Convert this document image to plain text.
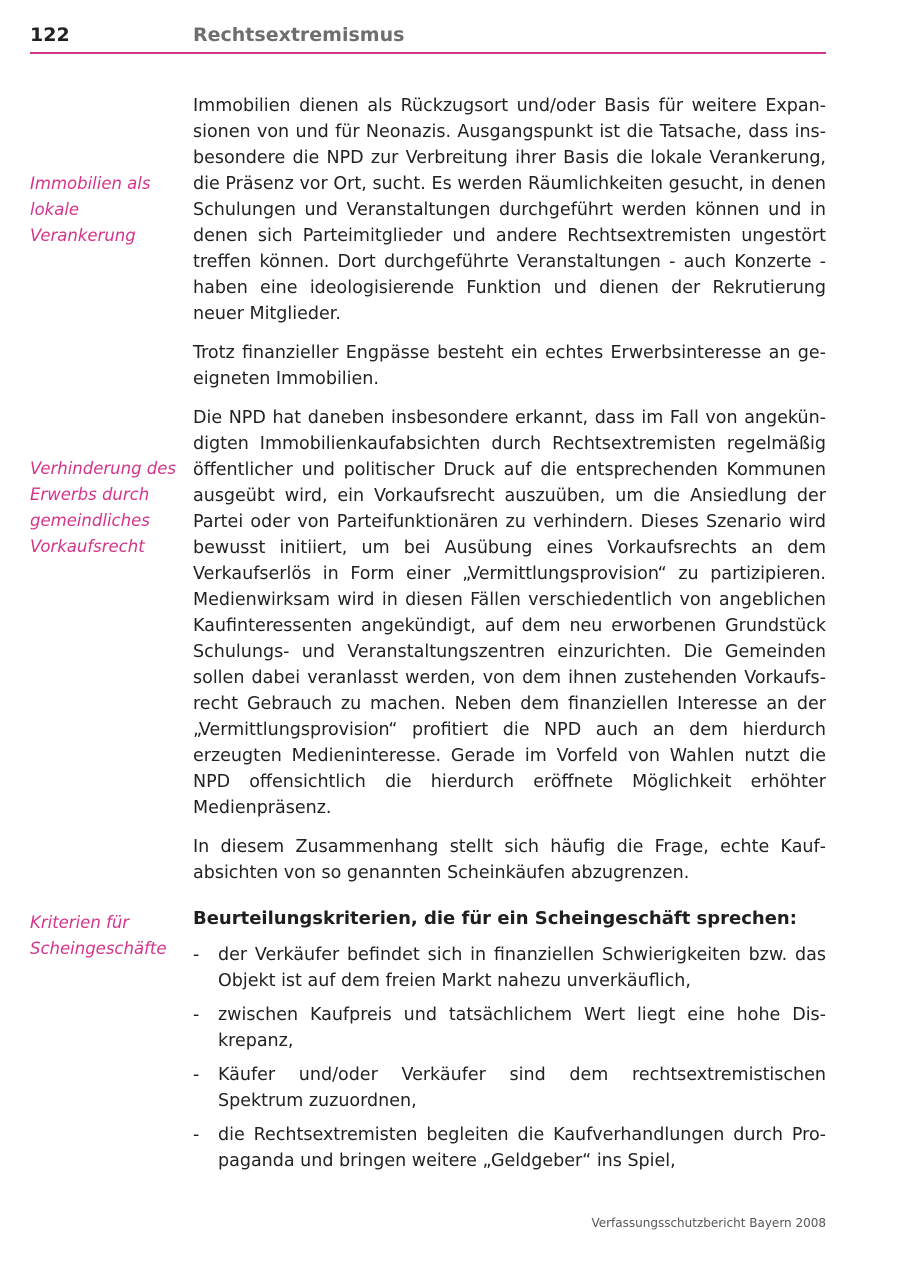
122	Rechtsextremismus
Immobilien als lokale Verankerung
Verhinderung des Erwerbs durch gemeindliches Vorkaufsrecht
Kriterien für Scheingeschäfte

Immobilien dienen als Rückzugsort und/oder Basis für weitere Expansionen von und für Neonazis. Ausgangspunkt ist die Tatsache, dass insbesondere die NPD zur Verbreitung ihrer Basis die lokale Verankerung, die Präsenz vor Ort, sucht. Es werden Räumlichkeiten gesucht, in denen Schulungen und Veranstaltungen durchgeführt werden können und in denen sich Parteimitglieder und andere Rechtsextremisten ungestört treffen können. Dort durchgeführte Veranstaltungen - auch Konzerte - haben eine ideologisierende Funktion und dienen der Rekrutierung neuer Mitglieder.

Trotz finanzieller Engpässe besteht ein echtes Erwerbsinteresse an geeigneten Immobilien.

Die NPD hat daneben insbesondere erkannt, dass im Fall von angekündigten Immobilienkaufabsichten durch Rechtsextremisten regelmäßig öffentlicher und politischer Druck auf die entsprechenden Kommunen ausgeübt wird, ein Vorkaufsrecht auszuüben, um die Ansiedlung der Partei oder von Parteifunktionären zu verhindern. Dieses Szenario wird bewusst initiiert, um bei Ausübung eines Vorkaufsrechts an dem Verkaufserlös in Form einer „Vermittlungsprovision“ zu partizipieren. Medienwirksam wird in diesen Fällen verschiedentlich von angeblichen Kaufinteressenten angekündigt, auf dem neu erworbenen Grundstück Schulungs- und Veranstaltungszentren einzurichten. Die Gemeinden sollen dabei veranlasst werden, von dem ihnen zustehenden Vorkaufsrecht Gebrauch zu machen. Neben dem finanziellen Interesse an der „Vermittlungsprovision“ profitiert die NPD auch an dem hierdurch erzeugten Medieninteresse. Gerade im Vorfeld von Wahlen nutzt die NPD offensichtlich die hierdurch eröffnete Möglichkeit erhöhter Medienpräsenz.

In diesem Zusammenhang stellt sich häufig die Frage, echte Kaufabsichten von so genannten Scheinkäufen abzugrenzen.

Beurteilungskriterien, die für ein Scheingeschäft sprechen:
- der Verkäufer befindet sich in finanziellen Schwierigkeiten bzw. das Objekt ist auf dem freien Markt nahezu unverkäuflich,
- zwischen Kaufpreis und tatsächlichem Wert liegt eine hohe Diskrepanz,
- Käufer und/oder Verkäufer sind dem rechtsextremistischen Spektrum zuzuordnen,
- die Rechtsextremisten begleiten die Kaufverhandlungen durch Propaganda und bringen weitere „Geldgeber“ ins Spiel,
Verfassungsschutzbericht Bayern 2008
